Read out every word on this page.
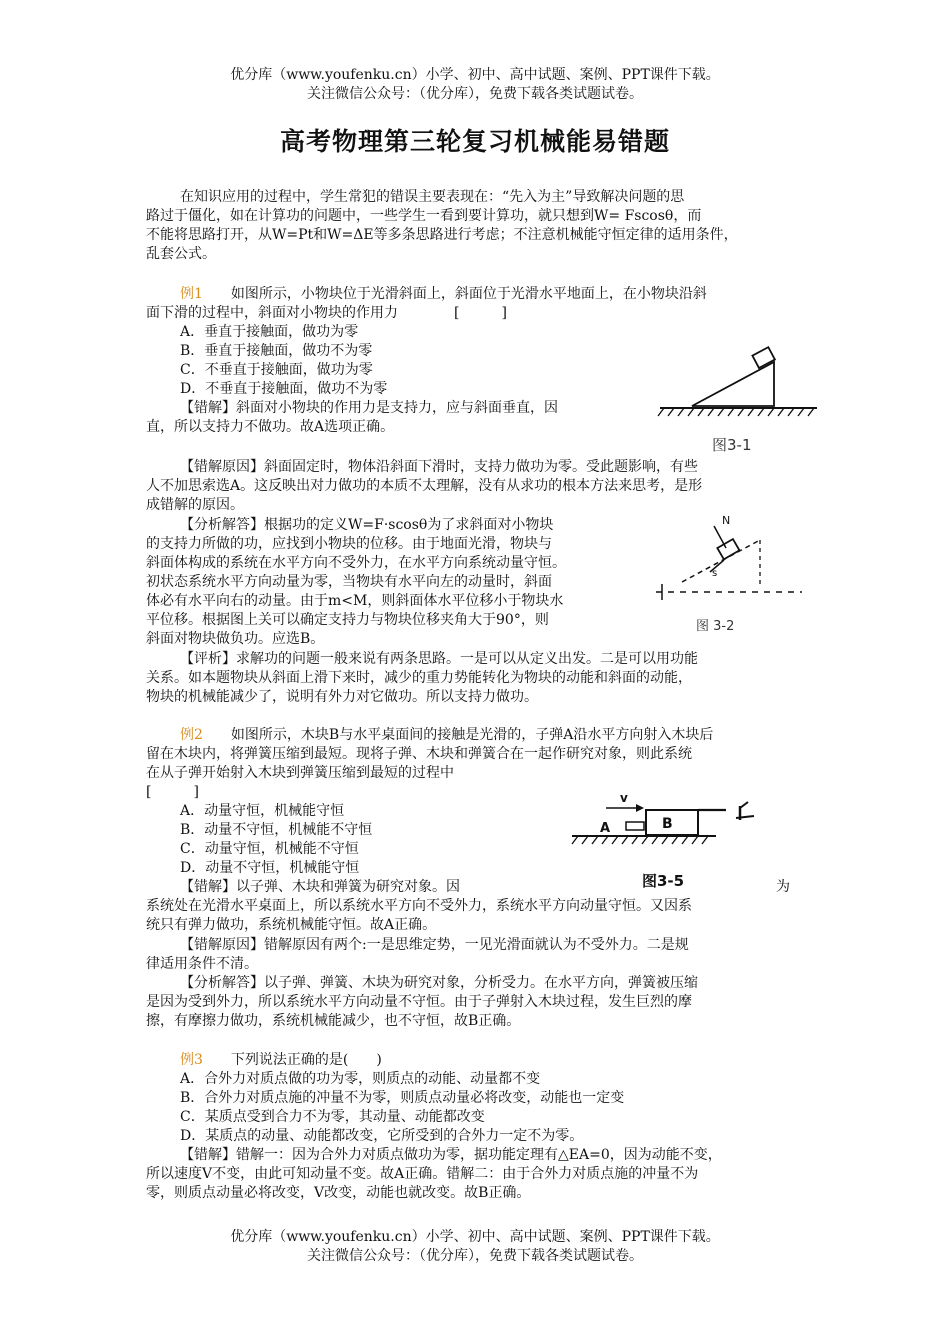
优分库（www.youfenku.cn）小学、初中、高中试题、案例、PPT课件下载。
关注微信公众号：（优分库），免费下载各类试题试卷。
高考物理第三轮复习机械能易错题
在知识应用的过程中，学生常犯的错误主要表现在：“先入为主”导致解决问题的思
路过于僵化，如在计算功的问题中，一些学生一看到要计算功，就只想到W= Fscosθ，而
不能将思路打开，从W=Pt和W=ΔE等多条思路进行考虑；不注意机械能守恒定律的适用条件，
乱套公式。
例1　　 如图所示，小物块位于光滑斜面上，斜面位于光滑水平地面上，在小物块沿斜
面下滑的过程中，斜面对小物块的作用力　　　　[　　　]
A．垂直于接触面，做功为零
B．垂直于接触面，做功不为零
C．不垂直于接触面，做功为零
D．不垂直于接触面，做功不为零
【错解】斜面对小物块的作用力是支持力，应与斜面垂直，因
直，所以支持力不做功。故A选项正确。
图3-1
【错解原因】斜面固定时，物体沿斜面下滑时，支持力做功为零。受此题影响，有些
人不加思索选A。这反映出对力做功的本质不太理解，没有从求功的根本方法来思考，是形
成错解的原因。
【分析解答】根据功的定义W=F·scosθ为了求斜面对小物块
的支持力所做的功，应找到小物块的位移。由于地面光滑，物块与
斜面体构成的系统在水平方向不受外力，在水平方向系统动量守恒。
初状态系统水平方向动量为零，当物块有水平向左的动量时，斜面
体必有水平向右的动量。由于m<M，则斜面体水平位移小于物块水
平位移。根据图上关可以确定支持力与物块位移夹角大于90°，则
斜面对物块做负功。应选B。
N
s
图 3-2
【评析】求解功的问题一般来说有两条思路。一是可以从定义出发。二是可以用功能
关系。如本题物块从斜面上滑下来时，减少的重力势能转化为物块的动能和斜面的动能，
物块的机械能减少了，说明有外力对它做功。所以支持力做功。
例2　　 如图所示，木块B与水平桌面间的接触是光滑的，子弹A沿水平方向射入木块后
留在木块内，将弹簧压缩到最短。现将子弹、木块和弹簧合在一起作研究对象，则此系统
在从子弹开始射入木块到弹簧压缩到最短的过程中
[　　　]
A．动量守恒，机械能守恒
B．动量不守恒，机械能不守恒
C．动量守恒，机械能不守恒
D．动量不守恒，机械能守恒
【错解】以子弹、木块和弹簧为研究对象。因	为
系统处在光滑水平桌面上，所以系统水平方向不受外力，系统水平方向动量守恒。又因系
统只有弹力做功，系统机械能守恒。故A正确。
v
A	B
图3-5
【错解原因】错解原因有两个:一是思维定势，一见光滑面就认为不受外力。二是规
律适用条件不清。
【分析解答】以子弹、弹簧、木块为研究对象，分析受力。在水平方向，弹簧被压缩
是因为受到外力，所以系统水平方向动量不守恒。由于子弹射入木块过程，发生巨烈的摩
擦，有摩擦力做功，系统机械能减少，也不守恒，故B正确。
例3　　 下列说法正确的是(　　)
A．合外力对质点做的功为零，则质点的动能、动量都不变
B．合外力对质点施的冲量不为零，则质点动量必将改变，动能也一定变
C．某质点受到合力不为零，其动量、动能都改变
D．某质点的动量、动能都改变，它所受到的合外力一定不为零。
【错解】错解一：因为合外力对质点做功为零，据功能定理有△EA=0，因为动能不变，
所以速度V不变，由此可知动量不变。故A正确。错解二：由于合外力对质点施的冲量不为
零，则质点动量必将改变，V改变，动能也就改变。故B正确。
优分库（www.youfenku.cn）小学、初中、高中试题、案例、PPT课件下载。
关注微信公众号：（优分库），免费下载各类试题试卷。
